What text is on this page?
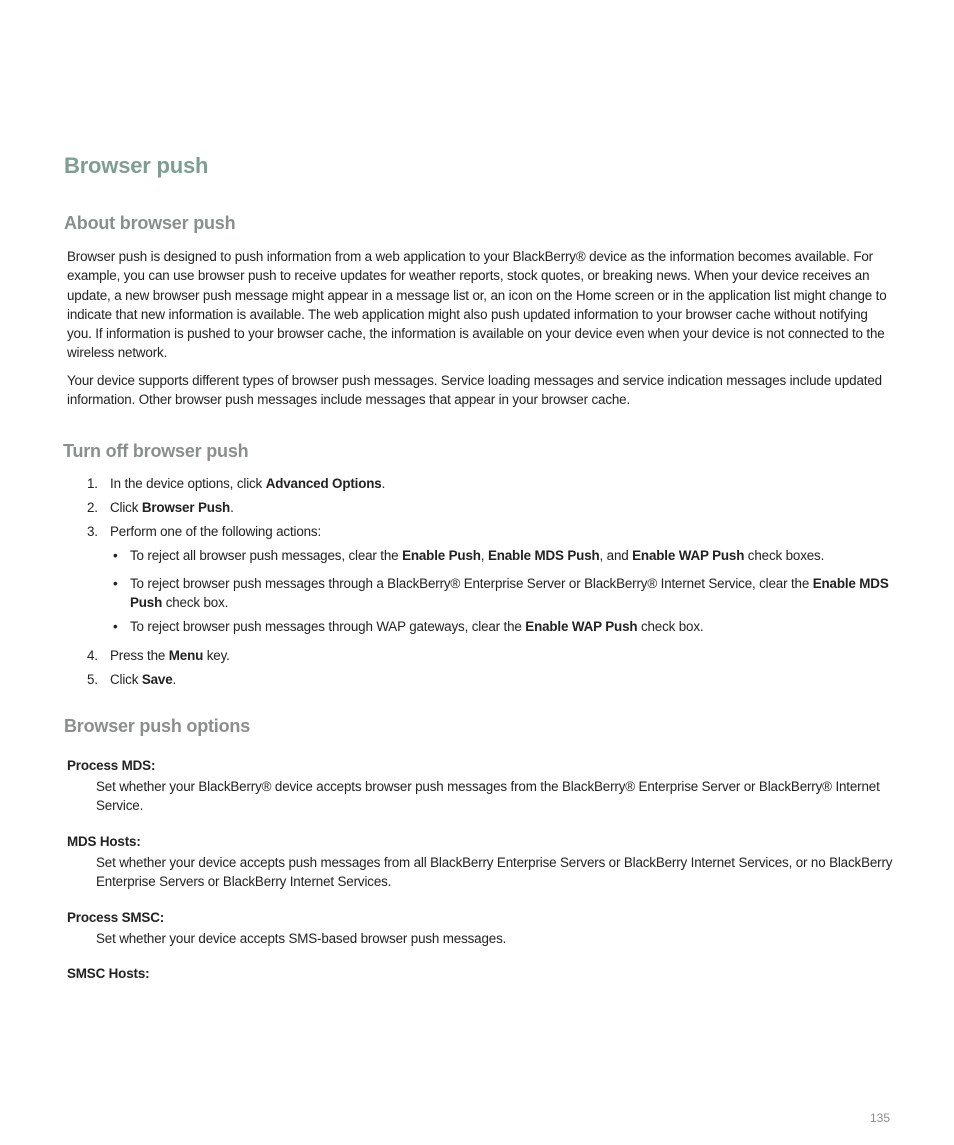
Browser push
About browser push

Browser push is designed to push information from a web application to your BlackBerry® device as the information becomes available. For example, you can use browser push to receive updates for weather reports, stock quotes, or breaking news. When your device receives an update, a new browser push message might appear in a message list or, an icon on the Home screen or in the application list might change to indicate that new information is available. The web application might also push updated information to your browser cache without notifying you. If information is pushed to your browser cache, the information is available on your device even when your device is not connected to the wireless network.

Your device supports different types of browser push messages. Service loading messages and service indication messages include updated information. Other browser push messages include messages that appear in your browser cache.

Turn off browser push
1. In the device options, click Advanced Options.
2. Click Browser Push.
3. Perform one of the following actions:
• To reject all browser push messages, clear the Enable Push, Enable MDS Push, and Enable WAP Push check boxes.
• To reject browser push messages through a BlackBerry® Enterprise Server or BlackBerry® Internet Service, clear the Enable MDS Push check box.
• To reject browser push messages through WAP gateways, clear the Enable WAP Push check box.
4. Press the Menu key.
5. Click Save.
Browser push options
Process MDS:

Set whether your BlackBerry® device accepts browser push messages from the BlackBerry® Enterprise Server or BlackBerry® Internet Service.

MDS Hosts:

Set whether your device accepts push messages from all BlackBerry Enterprise Servers or BlackBerry Internet Services, or no BlackBerry Enterprise Servers or BlackBerry Internet Services.

Process SMSC:

Set whether your device accepts SMS-based browser push messages.

SMSC Hosts:
135
